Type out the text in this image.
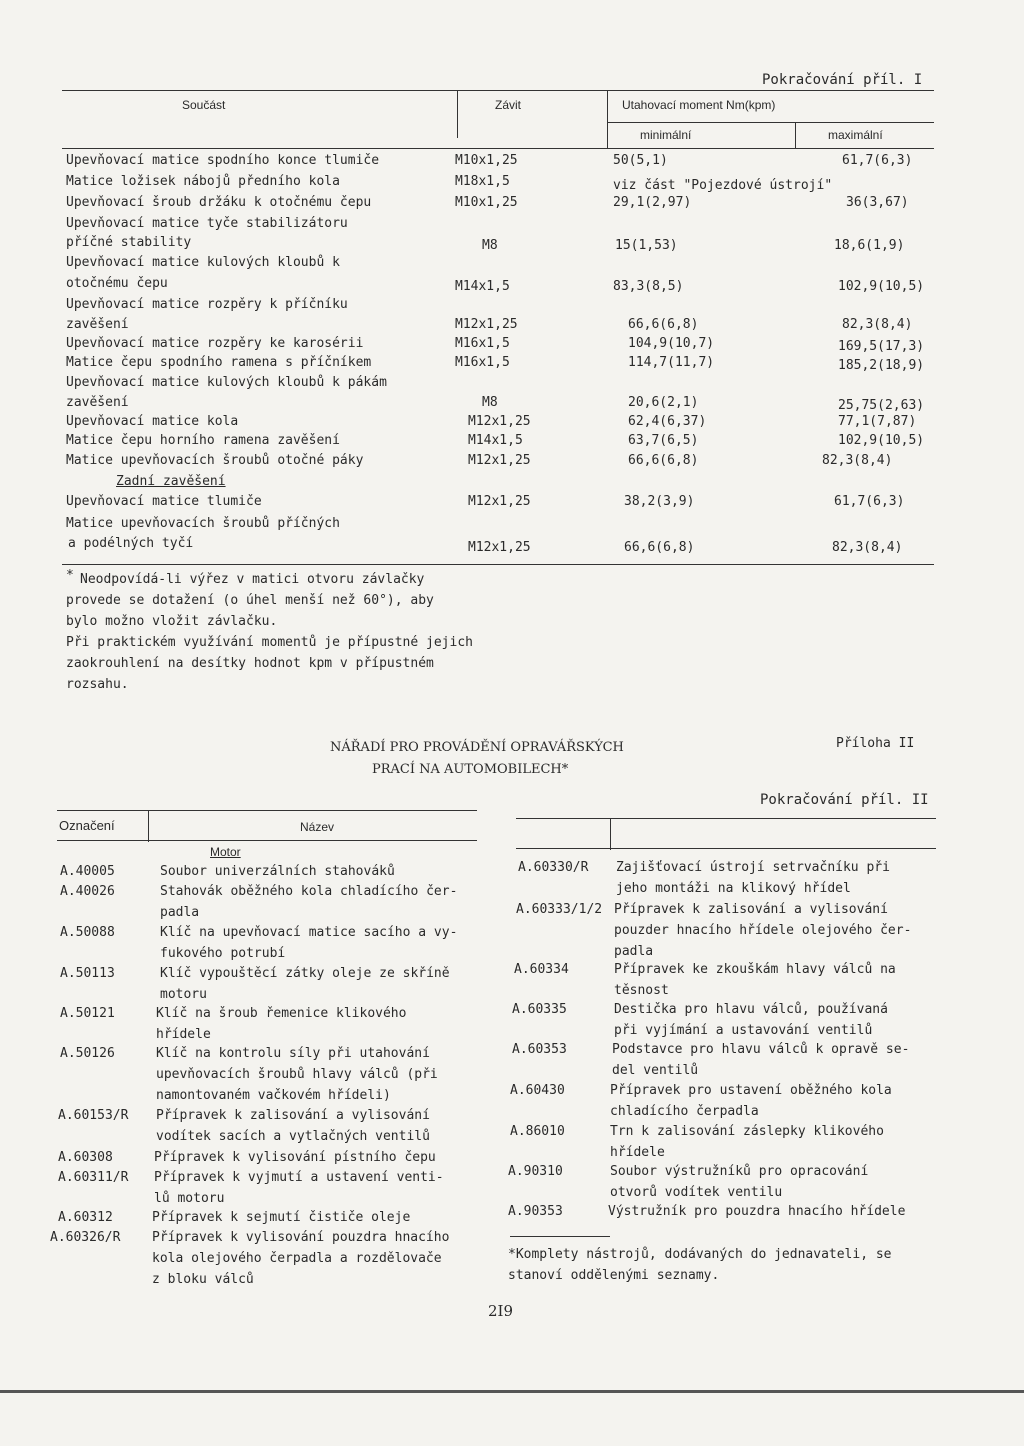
Pokračování příl. I
Součást	Závit	Utahovací moment Nm(kpm)
minimální	maximální
Upevňovací matice spodního konce tlumiče	M10x1,25	50(5,1)	61,7(6,3)
Matice ložisek nábojů předního kola	M18x1,5	viz část "Pojezdové ústrojí"
Upevňovací šroub držáku k otočnému čepu	M10x1,25	29,1(2,97)	36(3,67)
Upevňovací matice tyče stabilizátoru
příčné stability	M8	15(1,53)	18,6(1,9)
Upevňovací matice kulových kloubů k
otočnému čepu	M14x1,5	83,3(8,5)	102,9(10,5)
Upevňovací matice rozpěry k příčníku
zavěšení	M12x1,25	66,6(6,8)	82,3(8,4)
Upevňovací matice rozpěry ke karosérii	M16x1,5	104,9(10,7)	169,5(17,3)
Matice čepu spodního ramena s příčníkem	M16x1,5	114,7(11,7)	185,2(18,9)
Upevňovací matice kulových kloubů k pákám
zavěšení	M8	20,6(2,1)	25,75(2,63)
Upevňovací matice kola	M12x1,25	62,4(6,37)	77,1(7,87)
Matice čepu horního ramena zavěšení	M14x1,5	63,7(6,5)	102,9(10,5)
Matice upevňovacích šroubů otočné páky	M12x1,25	66,6(6,8)	82,3(8,4)
Zadní zavěšení
Upevňovací matice tlumiče	M12x1,25	38,2(3,9)	61,7(6,3)
Matice upevňovacích šroubů příčných
a podélných tyčí	M12x1,25	66,6(6,8)	82,3(8,4)
* Neodpovídá-li výřez v matici otvoru závlačky
provede se dotažení (o úhel menší než 60°), aby
bylo možno vložit závlačku.
Při praktickém využívání momentů je přípustné jejich
zaokrouhlení na desítky hodnot kpm v přípustném
rozsahu.
NÁŘADÍ PRO PROVÁDĚNÍ OPRAVÁŘSKÝCH
PRACÍ NA AUTOMOBILECH*
Příloha II
Označení	Název
Motor
Pokračování příl. II
A.40005	Soubor univerzálních stahováků
A.40026	Stahovák oběžného kola chladícího čer-
padla
A.50088	Klíč na upevňovací matice sacího a vy-
fukového potrubí
A.50113	Klíč vypouštěcí zátky oleje ze skříně
motoru
A.50121	Klíč na šroub řemenice klikového
hřídele
A.50126	Klíč na kontrolu síly při utahování
upevňovacích šroubů hlavy válců (při
namontovaném vačkovém hřídeli)
A.60153/R Přípravek k zalisování a vylisování
vodítek sacích a vytlačných ventilů
A.60308	Přípravek k vylisování pístního čepu
A.60311/R Přípravek k vyjmutí a ustavení venti-
lů motoru
A.60312	Přípravek k sejmutí čističe oleje
A.60326/R Přípravek k vylisování pouzdra hnacího
kola olejového čerpadla a rozdělovače
z bloku válců
A.60330/R Zajišťovací ústrojí setrvačníku při
jeho montáži na klikový hřídel
A.60333/1/2 Přípravek k zalisování a vylisování
pouzder hnacího hřídele olejového čer-
padla
A.60334	Přípravek ke zkouškám hlavy válců na
těsnost
A.60335	Destička pro hlavu válců, používaná
při vyjímání a ustavování ventilů
A.60353	Podstavce pro hlavu válců k opravě se-
del ventilů
A.60430	Přípravek pro ustavení oběžného kola
chladícího čerpadla
A.86010	Trn k zalisování záslepky klikového
hřídele
A.90310	Soubor výstružníků pro opracování
otvorů vodítek ventilu
A.90353	Výstružník pro pouzdra hnacího hřídele
*Komplety nástrojů, dodávaných do jednavateli, se
stanoví oddělenými seznamy.
2I9
